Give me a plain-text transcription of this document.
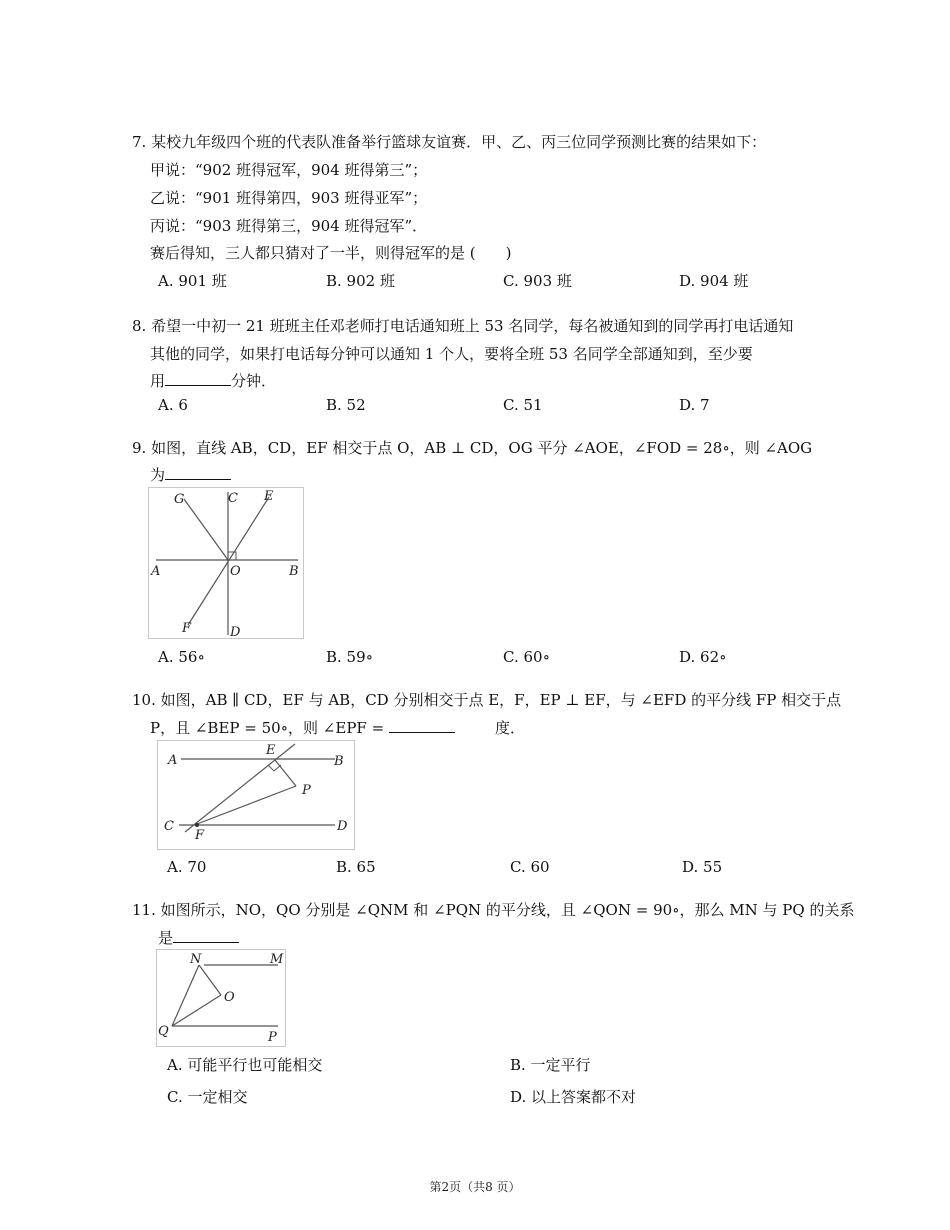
7. 某校九年级四个班的代表队准备举行篮球友谊赛．甲、乙、丙三位同学预测比赛的结果如下：
甲说：“902 班得冠军，904 班得第三”；
乙说：“901 班得第四，903 班得亚军”；
丙说：“903 班得第三，904 班得冠军”．
赛后得知，三人都只猜对了一半，则得冠军的是 (　　)
A. 901 班	B. 902 班	C. 903 班	D. 904 班
8. 希望一中初一 21 班班主任邓老师打电话通知班上 53 名同学，每名被通知到的同学再打电话通知
其他的同学，如果打电话每分钟可以通知 1 个人，要将全班 53 名同学全部通知到，至少要
用	分钟．
A. 6	B. 52	C. 51	D. 7
9. 如图，直线 AB，CD，EF 相交于点 O，AB ⊥ CD，OG 平分 ∠AOE，∠FOD = 28∘，则 ∠AOG
为
G	C E
A	O	B
F	D
A. 56∘	B. 59∘	C. 60∘	D. 62∘
10. 如图，AB ∥ CD，EF 与 AB，CD 分别相交于点 E，F，EP ⊥ EF，与 ∠EFD 的平分线 FP 相交于点
P，且 ∠BEP = 50∘，则 ∠EPF =	度．
A
E
B
P
C
F
D
A. 70	B. 65	C. 60	D. 55
11. 如图所示，NO，QO 分别是 ∠QNM 和 ∠PQN 的平分线，且 ∠QON = 90∘，那么 MN 与 PQ 的关系
是
N	M
O
Q	P
A. 可能平行也可能相交	B. 一定平行
C. 一定相交	D. 以上答案都不对
第2页（共8 页）
